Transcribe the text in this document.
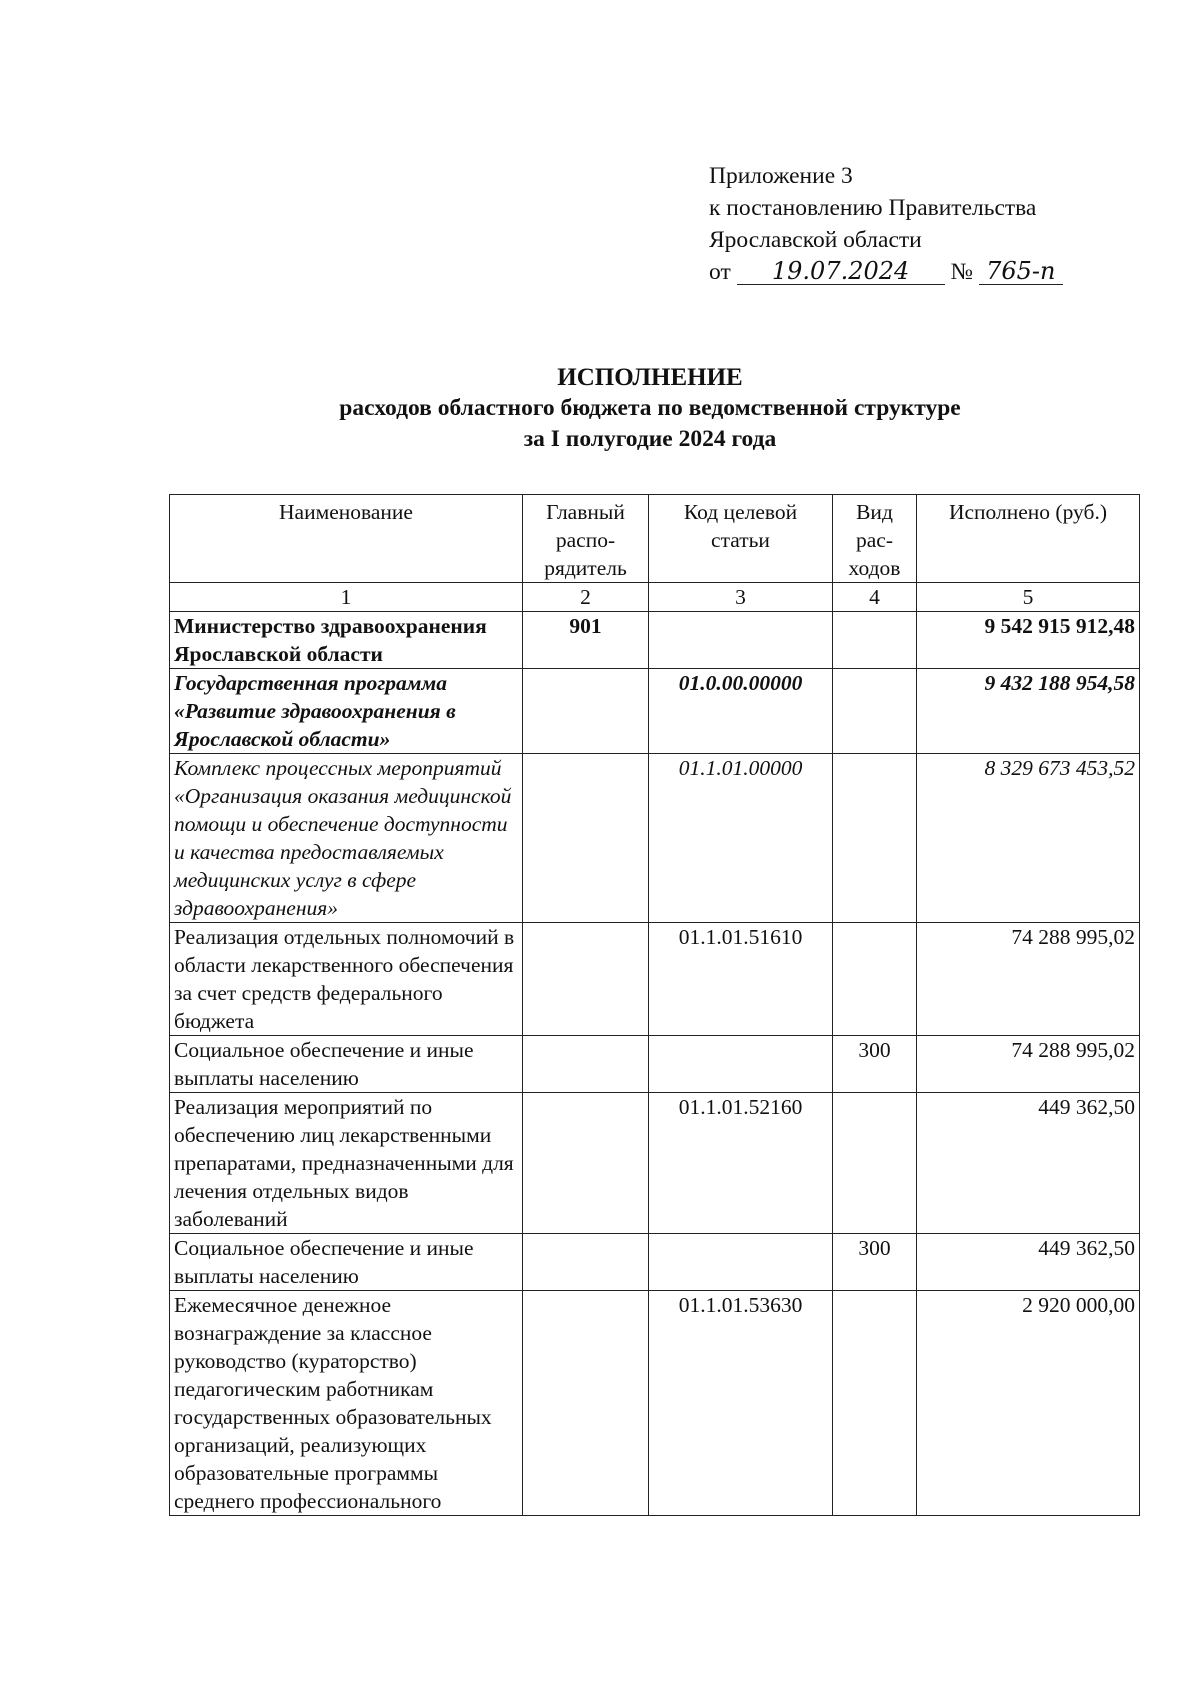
Приложение 3
к постановлению Правительства
Ярославской области
от 19.07.2024 № 765-п
ИСПОЛНЕНИЕ
расходов областного бюджета по ведомственной структуре
за I полугодие 2024 года
Наименование	Главный распо-рядитель	Код целевой статьи	Вид рас-ходов	Исполнено (руб.)
1	2	3	4	5
Министерство здравоохранения Ярославской области	901			9 542 915 912,48
Государственная программа «Развитие здравоохранения в Ярославской области»		01.0.00.00000		9 432 188 954,58
Комплекс процессных мероприятий «Организация оказания медицинской помощи и обеспечение доступности и качества предоставляемых медицинских услуг в сфере здравоохранения»		01.1.01.00000		8 329 673 453,52
Реализация отдельных полномочий в области лекарственного обеспечения за счет средств федерального бюджета		01.1.01.51610		74 288 995,02
Социальное обеспечение и иные выплаты населению			300	74 288 995,02
Реализация мероприятий по обеспечению лиц лекарственными препаратами, предназначенными для лечения отдельных видов заболеваний		01.1.01.52160		449 362,50
Социальное обеспечение и иные выплаты населению			300	449 362,50
Ежемесячное денежное вознаграждение за классное руководство (кураторство) педагогическим работникам государственных образовательных организаций, реализующих образовательные программы среднего профессионального		01.1.01.53630		2 920 000,00
